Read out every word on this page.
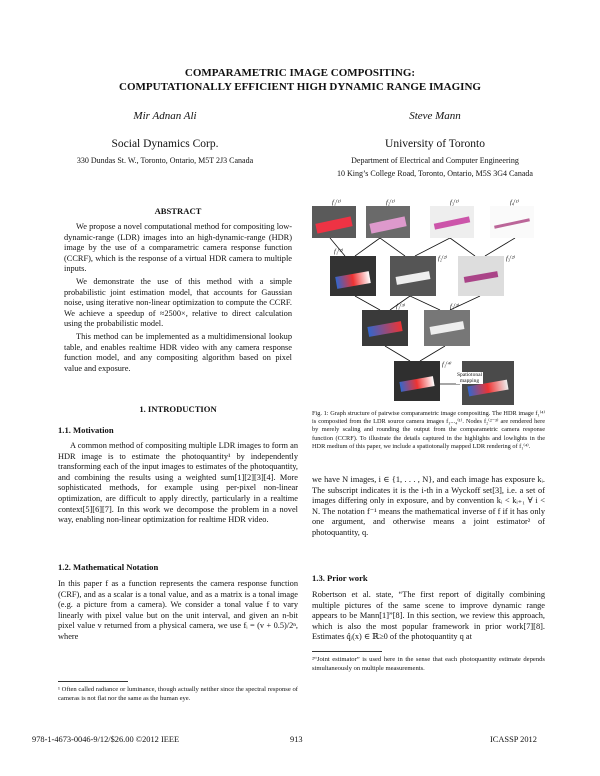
COMPARAMETRIC IMAGE COMPOSITING:
COMPUTATIONALLY EFFICIENT HIGH DYNAMIC RANGE IMAGING
Mir Adnan Ali
Social Dynamics Corp.
330 Dundas St. W., Toronto, Ontario, M5T 2J3 Canada
Steve Mann
University of Toronto
Department of Electrical and Computer Engineering
10 King’s College Road, Toronto, Ontario, M5S 3G4 Canada
ABSTRACT

We propose a novel computational method for compositing low-dynamic-range (LDR) images into an high-dynamic-range (HDR) image by the use of a comparametric camera response function (CCRF), which is the response of a virtual HDR camera to multiple inputs.

We demonstrate the use of this method with a simple probabilistic joint estimation model, that accounts for Gaussian noise, using iterative non-linear optimization to compute the CCRF. We achieve a speedup of ≈2500×, relative to direct calculation using the probabilistic model.

This method can be implemented as a multidimensional lookup table, and enables realtime HDR video with any camera response function model, and any compositing algorithm based on pixel value and exposure.

1. INTRODUCTION
1.1. Motivation

A common method of compositing multiple LDR images to form an HDR image is to estimate the photoquantity¹ by independently transforming each of the input images to estimates of the photoquantity, and combining the results using a weighted sum[1][2][3][4]. More sophisticated methods, for example using per-pixel non-linear optimization, are difficult to apply directly, particularly in a realtime context[5][6][7]. In this work we decompose the problem in a novel way, enabling non-linear optimization for realtime HDR video.

1.2. Mathematical Notation

In this paper f as a function represents the camera response function (CRF), and as a scalar is a tonal value, and as a matrix is a tonal image (e.g. a picture from a camera). We consider a tonal value f to vary linearly with pixel value but on the unit interval, and given an n-bit pixel value v returned from a physical camera, we use fᵢ = (v + 0.5)/2ⁿ, where

¹ Often called radiance or luminance, though actually neither since the spectral response of cameras is not flat nor the same as the human eye.

f₁⁽¹⁾	f₂⁽¹⁾	f₃⁽¹⁾	f₄⁽¹⁾
f₁⁽²⁾
f₂⁽²⁾	f₃⁽²⁾
f₁⁽³⁾	f₂⁽³⁾
f₁⁽⁴⁾
Spatiotonal
mapping

Fig. 1: Graph structure of pairwise comparametric image compositing. The HDR image f₁⁽⁴⁾ is composited from the LDR source camera images f₁...₄⁽¹⁾. Nodes f₂⁽²⁻³⁾ are rendered here by merely scaling and rounding the output from the comparametric camera response function (CCRF). To illustrate the details captured in the highlights and lowlights in the HDR medium of this paper, we include a spatiotonally mapped LDR rendering of f₁⁽⁴⁾.

we have N images, i ∈ {1, . . . , N}, and each image has exposure kᵢ. The subscript indicates it is the i-th in a Wyckoff set[3], i.e. a set of images differing only in exposure, and by convention kᵢ < kᵢ₊₁ ∀ i < N. The notation f⁻¹ means the mathematical inverse of f if it has only one argument, and otherwise means a joint estimator² of photoquantity, q.

1.3. Prior work

Robertson et al. state, “The first report of digitally combining multiple pictures of the same scene to improve dynamic range appears to be Mann[1]”[8]. In this section, we review this approach, which is also the most popular framework in prior work[7][8]. Estimates q̂ᵢ(x) ∈ ℝ≥0 of the photoquantity q at

²“Joint estimator” is used here in the sense that each photoquantity estimate depends simultaneously on multiple measurements.

978-1-4673-0046-9/12/$26.00 ©2012 IEEE	913	ICASSP 2012
